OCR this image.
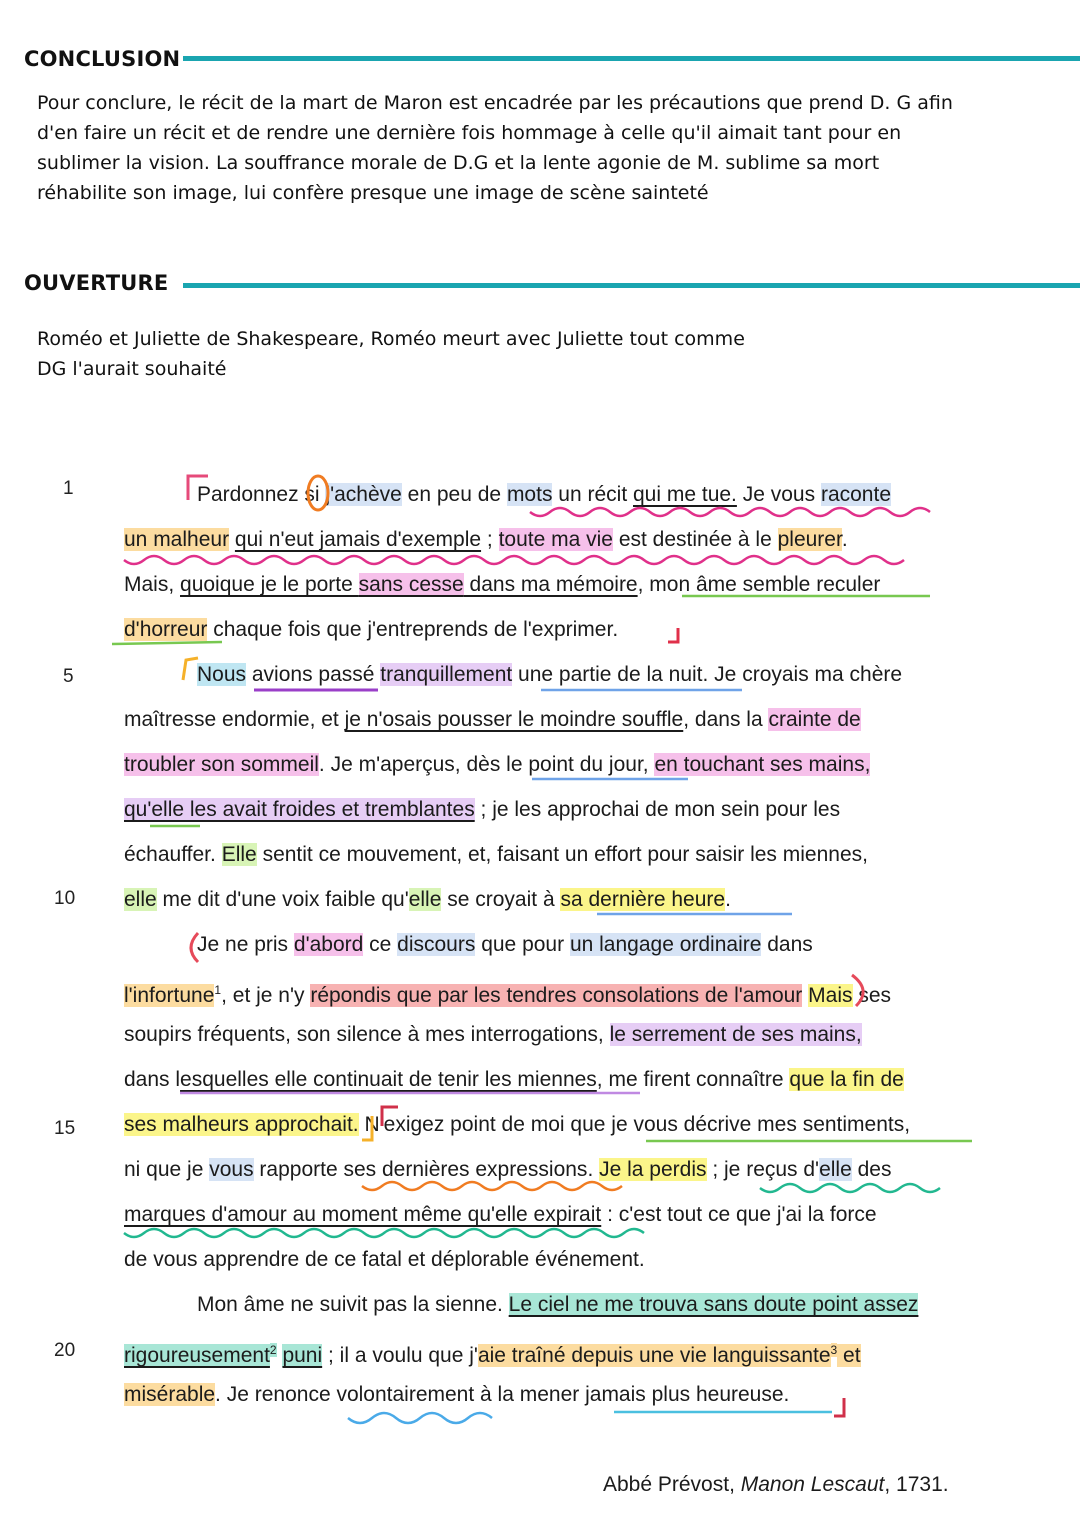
CONCLUSION
Pour conclure, le récit de la mart de Maron est encadrée par les précautions que prend D. G afin
d'en faire un récit et de rendre une dernière fois hommage à celle qu'il aimait tant pour en
sublimer la vision. La souffrance morale de D.G et la lente agonie de M. sublime sa mort
réhabilite son image, lui confère presque une image de scène sainteté
OUVERTURE
Roméo et Juliette de Shakespeare, Roméo meurt avec Juliette tout comme
DG l'aurait souhaité
1
5
10
15
20
Pardonnez si j'achève en peu de mots un récit qui me tue. Je vous raconte
un malheur qui n'eut jamais d'exemple ; toute ma vie est destinée à le pleurer.
Mais, quoique je le porte sans cesse dans ma mémoire, mon âme semble reculer
d'horreur chaque fois que j'entreprends de l'exprimer.
Nous avions passé tranquillement une partie de la nuit. Je croyais ma chère
maîtresse endormie, et je n'osais pousser le moindre souffle, dans la crainte de
troubler son sommeil. Je m'aperçus, dès le point du jour, en touchant ses mains,
qu'elle les avait froides et tremblantes ; je les approchai de mon sein pour les
échauffer. Elle sentit ce mouvement, et, faisant un effort pour saisir les miennes,
elle me dit d'une voix faible qu'elle se croyait à sa dernière heure.
Je ne pris d'abord ce discours que pour un langage ordinaire dans
l'infortune$^1$, et je n'y répondis que par les tendres consolations de l'amour Mais ses
soupirs fréquents, son silence à mes interrogations, le serrement de ses mains,
dans lesquelles elle continuait de tenir les miennes, me firent connaître que la fin de
ses malheurs approchait. N'exigez point de moi que je vous décrive mes sentiments,
ni que je vous rapporte ses dernières expressions. Je la perdis ; je reçus d'elle des
marques d'amour au moment même qu'elle expirait : c'est tout ce que j'ai la force
de vous apprendre de ce fatal et déplorable événement.
Mon âme ne suivit pas la sienne. Le ciel ne me trouva sans doute point assez
rigoureusement$^2$ puni ; il a voulu que j'aie traîné depuis une vie languissante$^3$ et
misérable. Je renonce volontairement à la mener jamais plus heureuse.
Abbé Prévost, Manon Lescaut, 1731.
